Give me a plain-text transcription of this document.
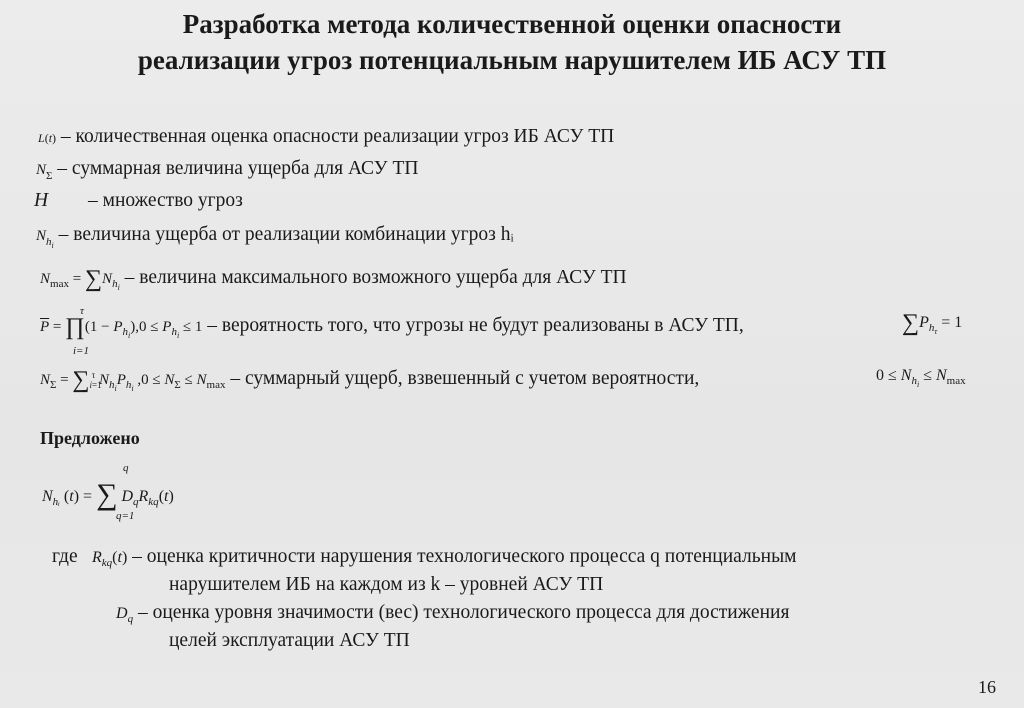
Разработка метода количественной оценки опасности
реализации угроз потенциальным нарушителем ИБ АСУ ТП
L(t) – количественная оценка опасности реализации угроз ИБ АСУ ТП
$N_\Sigma$ – суммарная величина ущерба для АСУ ТП
H – множество угроз
$N_{h_i}$ – величина ущерба от реализации комбинации угроз hᵢ
$N_{max} = \sum N_{h_i}$ – величина максимального возможного ущерба для АСУ ТП
τ
i=1
$\overline{P}$ = ∏(1 − $P_{h_i}),0 \le P_{h_i} \le 1$ – вероятность того, что угрозы не будут реализованы в АСУ ТП,	$\sum P_{h_\tau} = 1$
$N_\Sigma = \sum_{i=1}^\tau$ $N_{h_i}P_{h_i}$ $,0 \le N_\Sigma \le N_{max}$ – суммарный ущерб, взвешенный с учетом вероятности,	$0 \le N_{h_i} \le N_{max}$
Предложено
q
q=1
$N_{hᵢ}$ (t) = ∑ $D_qR_{kq}(t)$
где $R_{kq}(t)$ – оценка критичности нарушения технологического процесса q потенциальным
нарушителем ИБ на каждом из k – уровней АСУ ТП
$D_q$ – оценка уровня значимости (вес) технологического процесса для достижения
целей эксплуатации АСУ ТП
16
